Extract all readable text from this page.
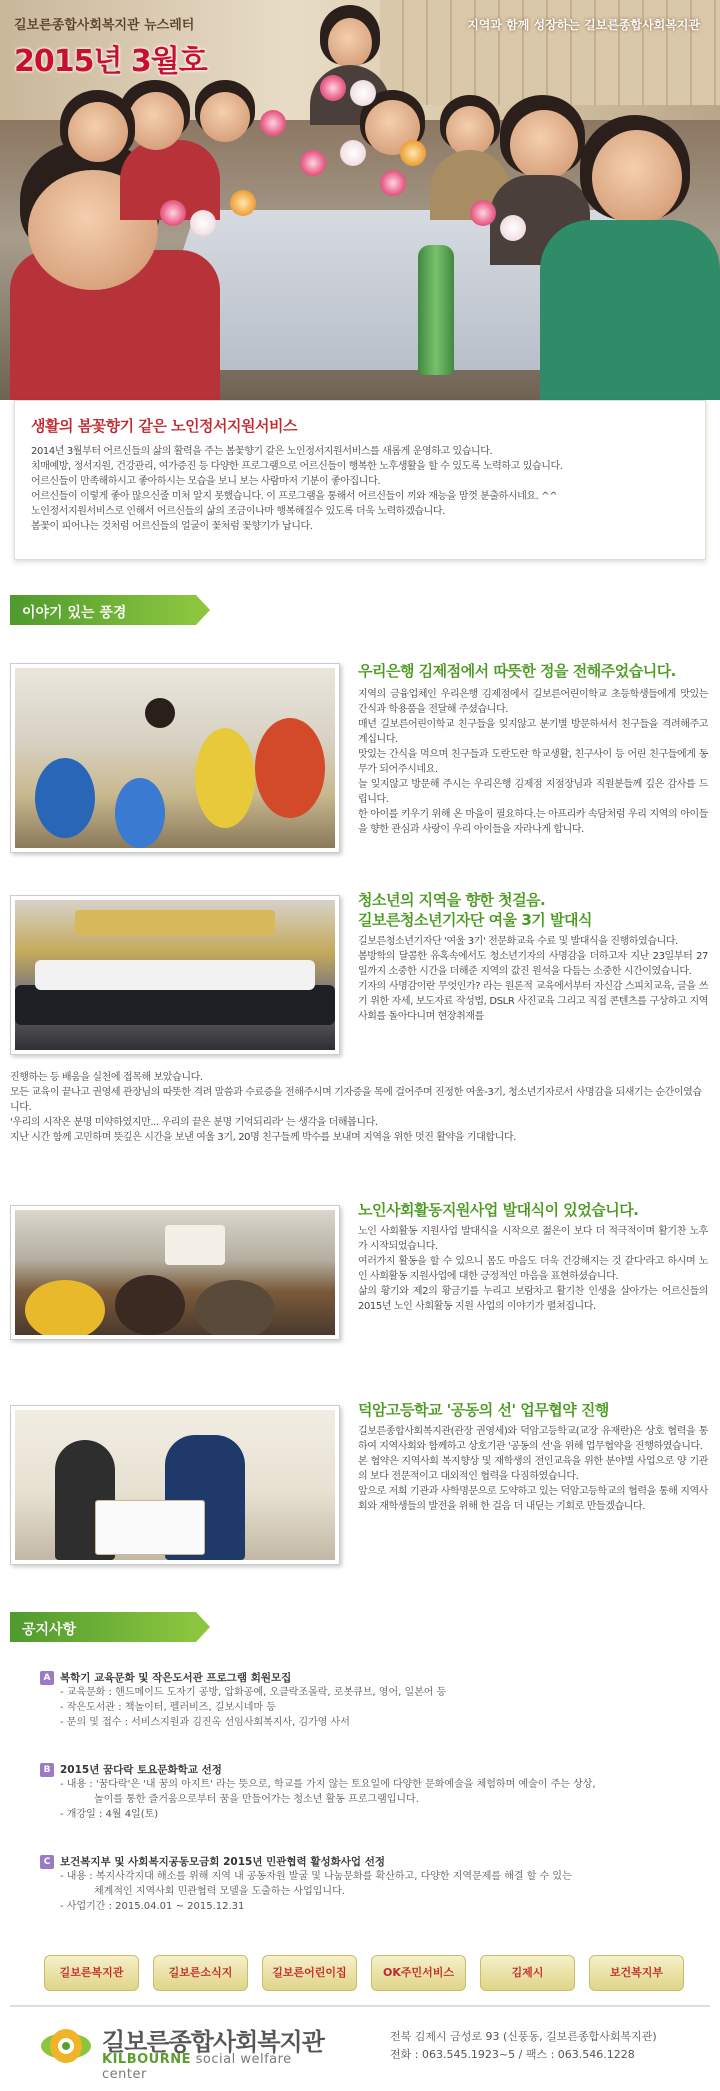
길보른종합사회복지관 뉴스레터
2015년 3월호
지역과 함께 성장하는 길보른종합사회복지관
생활의 봄꽃향기 같은 노인정서지원서비스

2014년 3월부터 어르신들의 삶의 활력을 주는 봄꽃향기 같은 노인정서지원서비스를 새롭게 운영하고 있습니다.

치매예방, 정서지원, 건강관리, 여가증진 등 다양한 프로그램으로 어르신들이 행복한 노후생활을 할 수 있도록 노력하고 있습니다.

어르신들이 만족해하시고 좋아하시는 모습을 보니 보는 사람마저 기분이 좋아집니다.

어르신들이 이렇게 좋아 많으신줄 미처 알지 못했습니다. 이 프로그램을 통해서 어르신들이 끼와 재능을 맘껏 분출하시네요. ^^

노인정서지원서비스로 인해서 어르신들의 삶의 조금이나마 행복해질수 있도록 더욱 노력하겠습니다.

봄꽃이 피어나는 것처럼 어르신들의 얼굴이 꽃처럼 꽃향기가 납니다.

이야기 있는 풍경
우리은행 김제점에서 따뜻한 정을 전해주었습니다.

지역의 금융업체인 우리은행 김제점에서 길보른어린이학교 초등학생들에게 맛있는 간식과 학용품을 전달해 주셨습니다.

매년 길보른어린이학교 친구들을 잊지않고 분기별 방문하셔서 친구들을 격려해주고 계십니다.

맛있는 간식을 먹으며 친구들과 도란도란 학교생활, 친구사이 등 어린 친구들에게 동무가 되어주시네요.

늘 잊지않고 방문해 주시는 우리은행 김제점 지점장님과 직원분들께 깊은 감사를 드립니다.

한 아이를 키우기 위해 온 마을이 필요하다.는 아프리카 속담처럼 우리 지역의 아이들을 향한 관심과 사랑이 우리 아이들을 자라나게 합니다.

청소년의 지역을 향한 첫걸음.
길보른청소년기자단 여울 3기 발대식

길보른청소년기자단 '여울 3기' 전문화교육 수료 및 발대식을 진행하였습니다.

봄방학의 달콤한 유혹속에서도 청소년기자의 사명감을 더하고자 지난 23일부터 27일까지 소중한 시간을 더해준 지역의 값진 원석을 다듬는 소중한 시간이였습니다.

기자의 사명감이란 무엇인가? 라는 원론적 교육에서부터 자신감 스피치교육, 글을 쓰기 위한 자세, 보도자료 작성법, DSLR 사진교육 그리고 직접 콘텐츠를 구상하고 지역사회를 돌아다니며 현장취재를

진행하는 등 배움을 실천에 접목해 보았습니다.

모든 교육이 끝나고 권영세 관장님의 따뜻한 격려 말씀과 수료증을 전해주시며 기자증을 목에 걸어주며 진정한 여울-3기, 청소년기자로서 사명감을 되새기는 순간이였습니다.

'우리의 시작은 분명 미약하였지만... 우리의 끝은 분명 기억되리라' 는 생각을 더해봅니다.

지난 시간 함께 고민하며 뜻깊은 시간을 보낸 여울 3기, 20명 친구들께 박수를 보내며 지역을 위한 멋진 활약을 기대합니다.

노인사회활동지원사업 발대식이 있었습니다.

노인 사회활동 지원사업 발대식을 시작으로 젊은이 보다 더 적극적이며 활기찬 노후가 시작되었습니다.

여러가지 활동을 할 수 있으니 몸도 마음도 더욱 건강해지는 것 같다'라고 하시며 노인 사회활동 지원사업에 대한 긍정적인 마음을 표현하셨습니다.

삶의 황기와 제2의 황금기를 누리고 보람차고 활기찬 인생을 살아가는 어르신들의 2015년 노인 사회활동 지원 사업의 이야기가 펼쳐집니다.

덕암고등학교 '공동의 선' 업무협약 진행

길보른종합사회복지관(관장 권영세)와 덕암고등학교(교장 유재란)은 상호 협력을 통하여 지역사회와 함께하고 상호기관 '공동의 선'을 위해 업무협약을 진행하였습니다.

본 협약은 지역사회 복지향상 및 재학생의 전인교육을 위한 분야별 사업으로 양 기관의 보다 전문적이고 대외적인 협력을 다짐하였습니다.

앞으로 저희 기관과 사학명문으로 도약하고 있는 덕암고등학교의 협력을 통해 지역사회와 재학생들의 발전을 위해 한 걸음 더 내딛는 기회로 만들겠습니다.

공지사항
A 복학기 교육문화 및 작은도서관 프로그램 회원모집
- 교육문화 : 핸드메이드 도자기 공방, 압화공예, 오클락조몰락, 로봇큐브, 영어, 일본어 등
- 작은도서관 : 책놀이터, 펠러비즈, 길보시네마 등
- 문의 및 접수 : 서비스지원과 김진옥 선임사회복지사, 김가영 사서
B 2015년 꿈다락 토요문화학교 선정
- 내용 : '꿈다락'은 '내 꿈의 아지트' 라는 뜻으로, 학교를 가지 않는 토요일에 다양한 문화예술을 체험하며 예술이 주는 상상,
놀이를 통한 즐거움으로부터 꿈을 만들어가는 청소년 활동 프로그램입니다.
- 개강일 : 4월 4일(토)
C 보건복지부 및 사회복지공동모금회 2015년 민관협력 활성화사업 선정
- 내용 : 복지사각지대 해소를 위해 지역 내 공동자원 발굴 및 나눔문화를 확산하고, 다양한 지역문제를 해결 할 수 있는
체계적인 지역사회 민관협력 모델을 도출하는 사업입니다.
- 사업기간 : 2015.04.01 ~ 2015.12.31
길보른복지관	길보른소식지	길보른어린이집	OK주민서비스	김제시	보건복지부
길보른종합사회복지관
KILBOURNE social welfare center
전북 김제시 금성로 93 (신풍동, 길보른종합사회복지관)
전화 : 063.545.1923~5 / 팩스 : 063.546.1228
